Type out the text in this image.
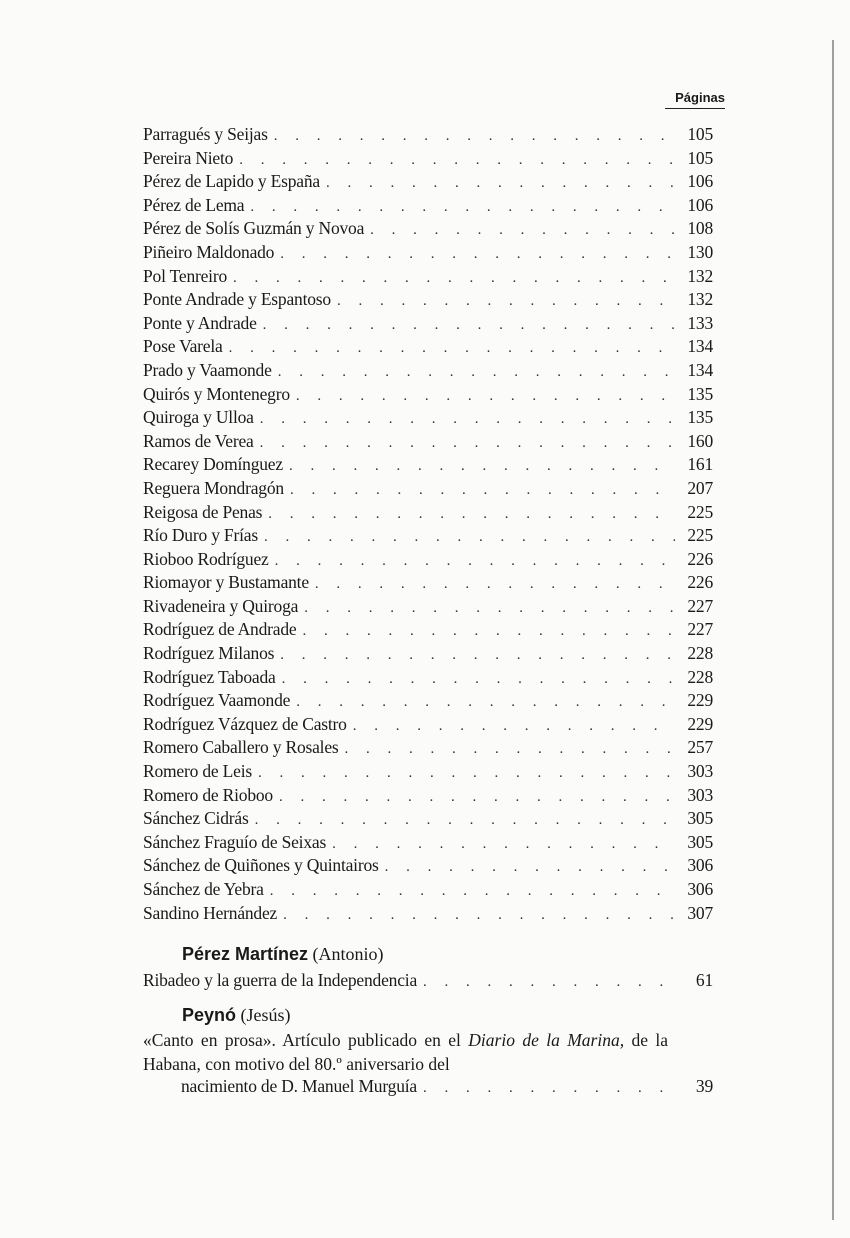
Páginas
Parragués y Seijas . . .	105
Pereira Nieto . . .	105
Pérez de Lapido y España . . .	106
Pérez de Lema . . .	106
Pérez de Solís Guzmán y Novoa . . .	108
Piñeiro Maldonado . . .	130
Pol Tenreiro . . .	132
Ponte Andrade y Espantoso . . .	132
Ponte y Andrade . . .	133
Pose Varela . . .	134
Prado y Vaamonde . . .	134
Quirós y Montenegro . . .	135
Quiroga y Ulloa . . .	135
Ramos de Verea . . .	160
Recarey Domínguez . . .	161
Reguera Mondragón . . .	207
Reigosa de Penas . . .	225
Río Duro y Frías . . .	225
Rioboo Rodríguez . . .	226
Riomayor y Bustamante . . .	226
Rivadeneira y Quiroga . . .	227
Rodríguez de Andrade . . .	227
Rodríguez Milanos . . .	228
Rodríguez Taboada . . .	228
Rodríguez Vaamonde . . .	229
Rodríguez Vázquez de Castro . . .	229
Romero Caballero y Rosales . . .	257
Romero de Leis . . .	303
Romero de Rioboo . . .	303
Sánchez Cidrás . . .	305
Sánchez Fraguío de Seixas . . .	305
Sánchez de Quiñones y Quintairos . . .	306
Sánchez de Yebra . . .	306
Sandino Hernández . . .	307
Pérez Martínez (Antonio)
Ribadeo y la guerra de la Independencia . . .	61
Peynó (Jesús)
«Canto en prosa». Artículo publicado en el Diario de la Marina, de la Habana, con motivo del 80.º aniversario del
nacimiento de D. Manuel Murguía . . .	39
